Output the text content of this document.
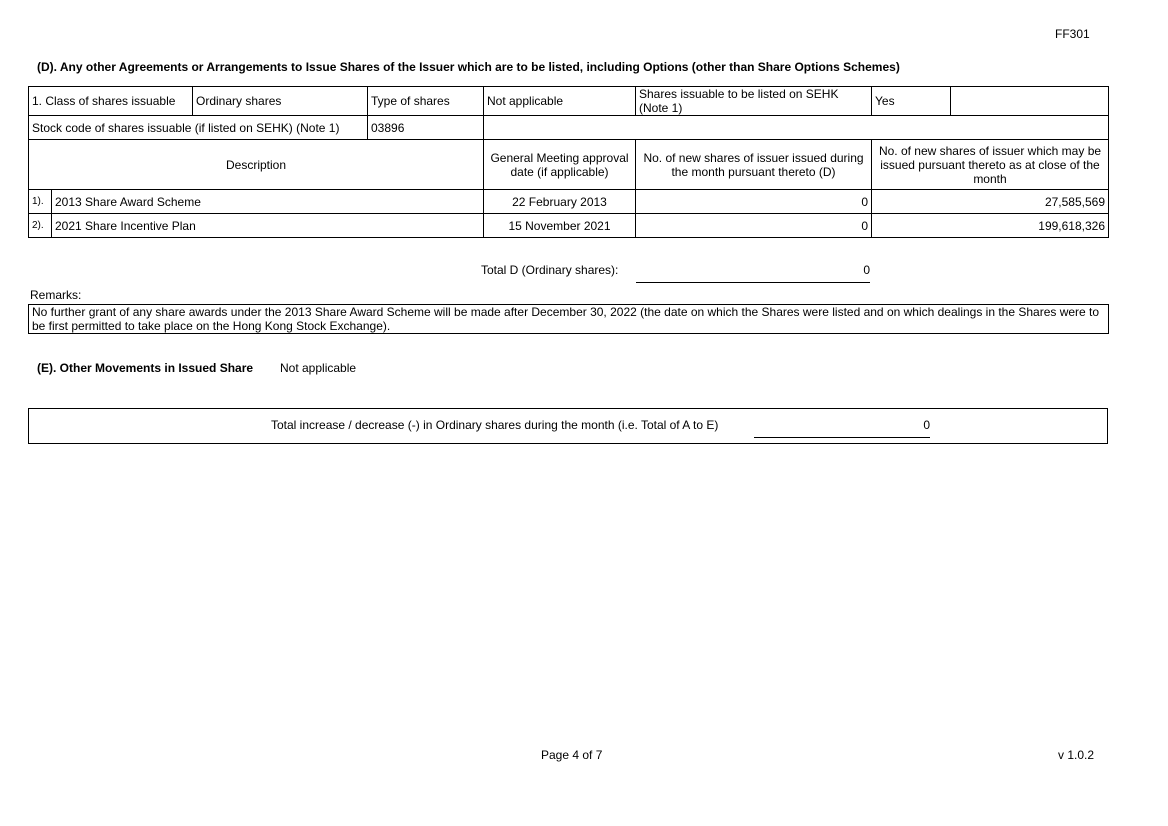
FF301
(D). Any other Agreements or Arrangements to Issue Shares of the Issuer which are to be listed, including Options (other than Share Options Schemes)
1. Class of shares issuable		Ordinary shares	Type of shares	Not applicable	Shares issuable to be listed on SEHK (Note 1)	Yes	
Stock code of shares issuable (if listed on SEHK) (Note 1)			03896				
Description				General Meeting approval date (if applicable)	No. of new shares of issuer issued during the month pursuant thereto (D)	No. of new shares of issuer which may be issued pursuant thereto as at close of the month	
1).	2013 Share Award Scheme			22 February 2013	0	27,585,569	
2).	2021 Share Incentive Plan			15 November 2021	0	199,618,326	
Total D (Ordinary shares):	0
Remarks:
No further grant of any share awards under the 2013 Share Award Scheme will be made after December 30, 2022 (the date on which the Shares were listed and on which dealings in the Shares were to be first permitted to take place on the Hong Kong Stock Exchange).
(E). Other Movements in Issued Share Not applicable
Total increase / decrease (-) in Ordinary shares during the month (i.e. Total of A to E)	0
Page 4 of 7	v 1.0.2
